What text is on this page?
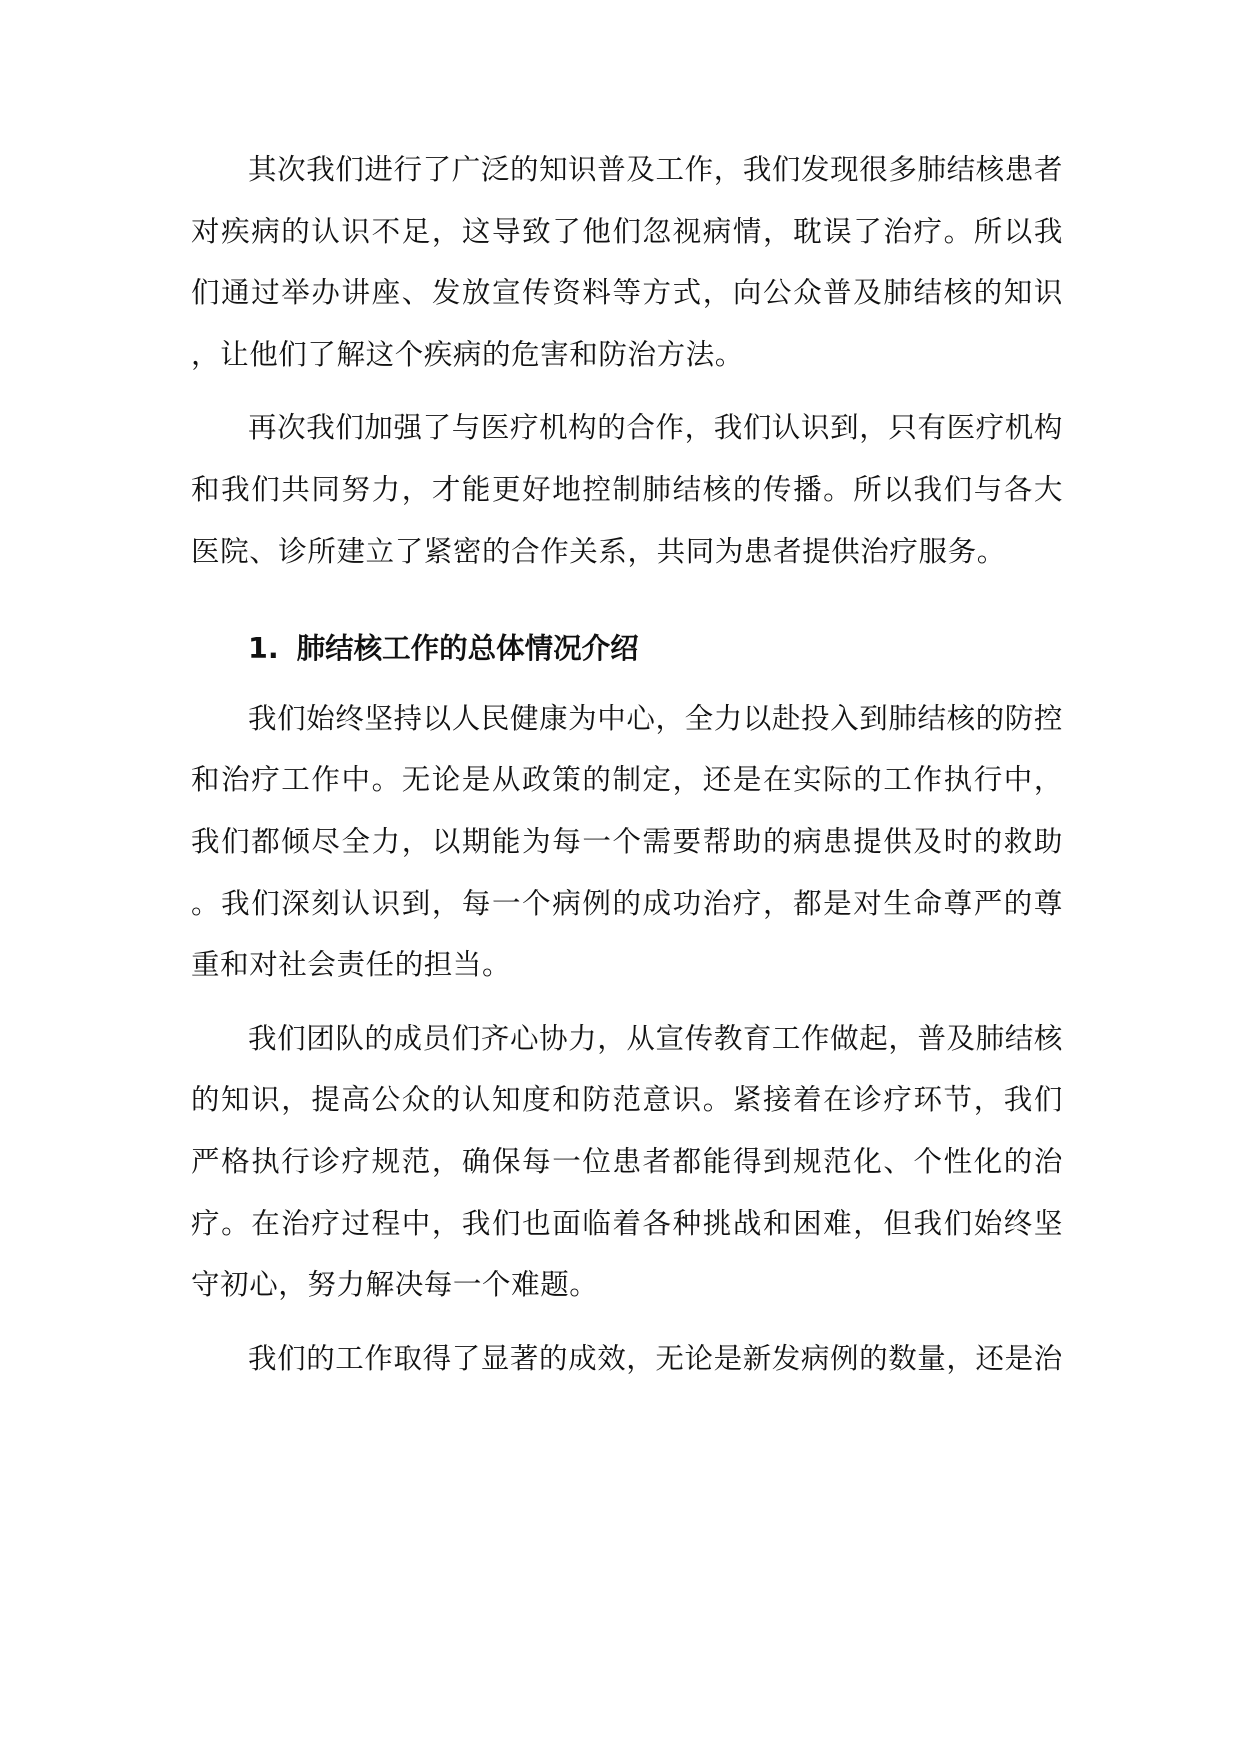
其次我们进行了广泛的知识普及工作，我们发现很多肺结核患者对疾病的认识不足，这导致了他们忽视病情，耽误了治疗。所以我们通过举办讲座、发放宣传资料等方式，向公众普及肺结核的知识，让他们了解这个疾病的危害和防治方法。

再次我们加强了与医疗机构的合作，我们认识到，只有医疗机构和我们共同努力，才能更好地控制肺结核的传播。所以我们与各大医院、诊所建立了紧密的合作关系，共同为患者提供治疗服务。

1. 肺结核工作的总体情况介绍

我们始终坚持以人民健康为中心，全力以赴投入到肺结核的防控和治疗工作中。无论是从政策的制定，还是在实际的工作执行中，我们都倾尽全力，以期能为每一个需要帮助的病患提供及时的救助。我们深刻认识到，每一个病例的成功治疗，都是对生命尊严的尊重和对社会责任的担当。

我们团队的成员们齐心协力，从宣传教育工作做起，普及肺结核的知识，提高公众的认知度和防范意识。紧接着在诊疗环节，我们严格执行诊疗规范，确保每一位患者都能得到规范化、个性化的治疗。在治疗过程中，我们也面临着各种挑战和困难，但我们始终坚守初心，努力解决每一个难题。

我们的工作取得了显著的成效，无论是新发病例的数量，还是治
